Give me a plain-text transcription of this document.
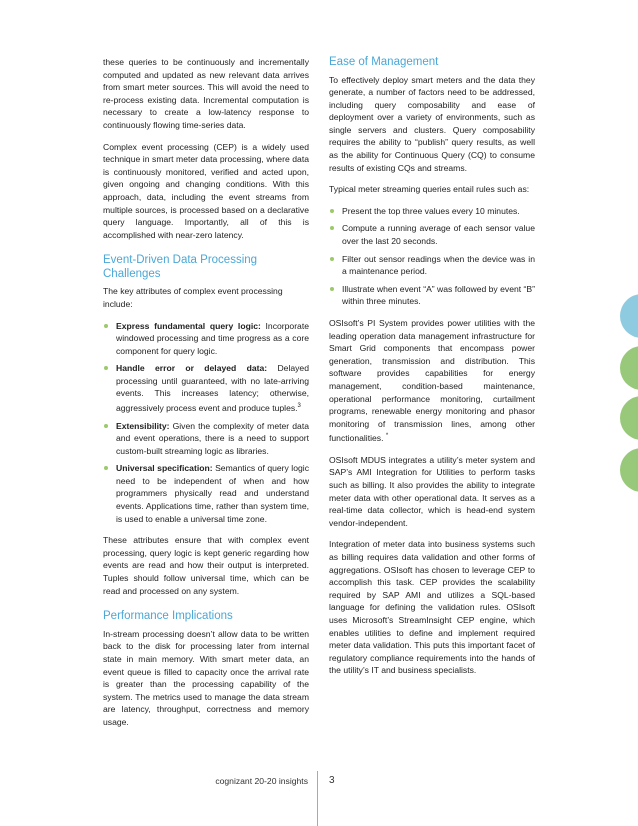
these queries to be continuously and incrementally computed and updated as new relevant data arrives from smart meter sources. This will avoid the need to re-process existing data. Incremental computation is necessary to create a low-latency response to continuously flowing time-series data.

Complex event processing (CEP) is a widely used technique in smart meter data processing, where data is continuously monitored, verified and acted upon, given ongoing and changing conditions. With this approach, data, including the event streams from multiple sources, is processed based on a declarative query language. Importantly, all of this is accomplished with near-zero latency.

Event-Driven Data Processing Challenges

The key attributes of complex event processing include:

Express fundamental query logic: Incorporate windowed processing and time progress as a core component for query logic.
Handle error or delayed data: Delayed processing until guaranteed, with no late-arriving events. This increases latency; otherwise, aggressively process event and produce tuples.$^3$
Extensibility: Given the complexity of meter data and event operations, there is a need to support custom-built streaming logic as libraries.
Universal specification: Semantics of query logic need to be independent of when and how programmers physically read and understand events. Applications time, rather than system time, is used to enable a universal time zone.

These attributes ensure that with complex event processing, query logic is kept generic regarding how events are read and how their output is interpreted. Tuples should follow universal time, which can be read and processed on any system.

Performance Implications

In-stream processing doesn’t allow data to be written back to the disk for processing later from internal state in main memory. With smart meter data, an event queue is filled to capacity once the arrival rate is greater than the processing capability of the system. The metrics used to manage the data stream are latency, throughput, correctness and memory usage.

Ease of Management

To effectively deploy smart meters and the data they generate, a number of factors need to be addressed, including query composability and ease of deployment over a variety of environments, such as single servers and clusters. Query composability requires the ability to “publish” query results, as well as the ability for Continuous Query (CQ) to consume results of existing CQs and streams.

Typical meter streaming queries entail rules such as:

Present the top three values every 10 minutes.
Compute a running average of each sensor value over the last 20 seconds.
Filter out sensor readings when the device was in a maintenance period.
Illustrate when event “A” was followed by event “B” within three minutes.

OSIsoft’s PI System provides power utilities with the leading operation data management infrastructure for Smart Grid components that encompass power generation, transmission and distribution. This software provides capabilities for energy management, condition-based maintenance, operational performance monitoring, curtailment programs, renewable energy monitoring and phasor monitoring of transmission lines, among other functionalities. *

OSIsoft MDUS integrates a utility’s meter system and SAP’s AMI Integration for Utilities to perform tasks such as billing. It also provides the ability to integrate meter data with other operational data. It serves as a real-time data collector, which is head-end system vendor-independent.

Integration of meter data into business systems such as billing requires data validation and other forms of aggregations. OSIsoft has chosen to leverage CEP to accomplish this task. CEP provides the scalability required by SAP AMI and utilizes a SQL-based language for defining the validation rules. OSIsoft uses Microsoft’s StreamInsight CEP engine, which enables utilities to define and implement required meter data validation. This puts this important facet of regulatory compliance requirements into the hands of the utility’s IT and business specialists.

cognizant 20-20 insights 3
